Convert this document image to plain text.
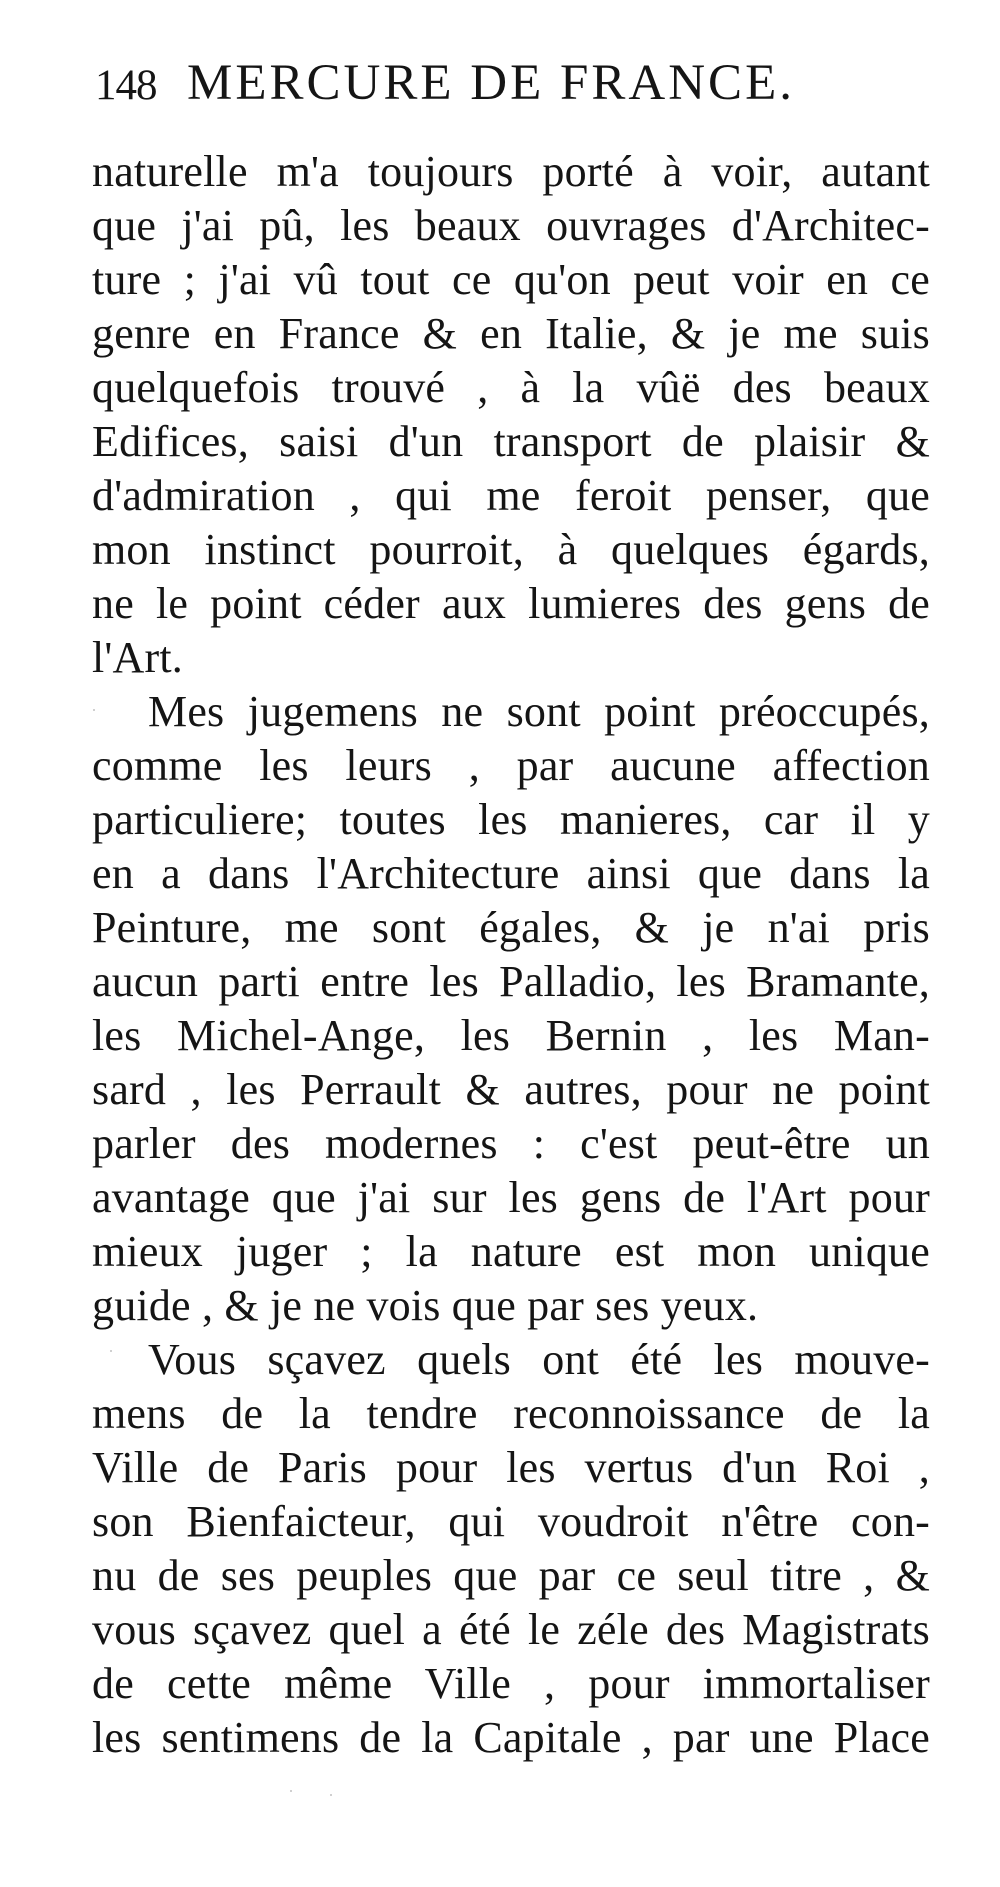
148 MERCURE DE FRANCE.
naturelle m'a toujours porté à voir, autant
que j'ai pû, les beaux ouvrages d'Architec-
ture ; j'ai vû tout ce qu'on peut voir en ce
genre en France & en Italie, & je me suis
quelquefois trouvé , à la vûë des beaux
Edifices, saisi d'un transport de plaisir &
d'admiration , qui me feroit penser, que
mon instinct pourroit, à quelques égards,
ne le point céder aux lumieres des gens de
l'Art.
Mes jugemens ne sont point préoccupés,
comme les leurs , par aucune affection
particuliere; toutes les manieres, car il y
en a dans l'Architecture ainsi que dans la
Peinture, me sont égales, & je n'ai pris
aucun parti entre les Palladio, les Bramante,
les Michel-Ange, les Bernin , les Man-
sard , les Perrault & autres, pour ne point
parler des modernes : c'est peut-être un
avantage que j'ai sur les gens de l'Art pour
mieux juger ; la nature est mon unique
guide , & je ne vois que par ses yeux.
Vous sçavez quels ont été les mouve-
mens de la tendre reconnoissance de la
Ville de Paris pour les vertus d'un Roi ,
son Bienfaicteur, qui voudroit n'être con-
nu de ses peuples que par ce seul titre , &
vous sçavez quel a été le zéle des Magistrats
de cette même Ville , pour immortaliser
les sentimens de la Capitale , par une Place
